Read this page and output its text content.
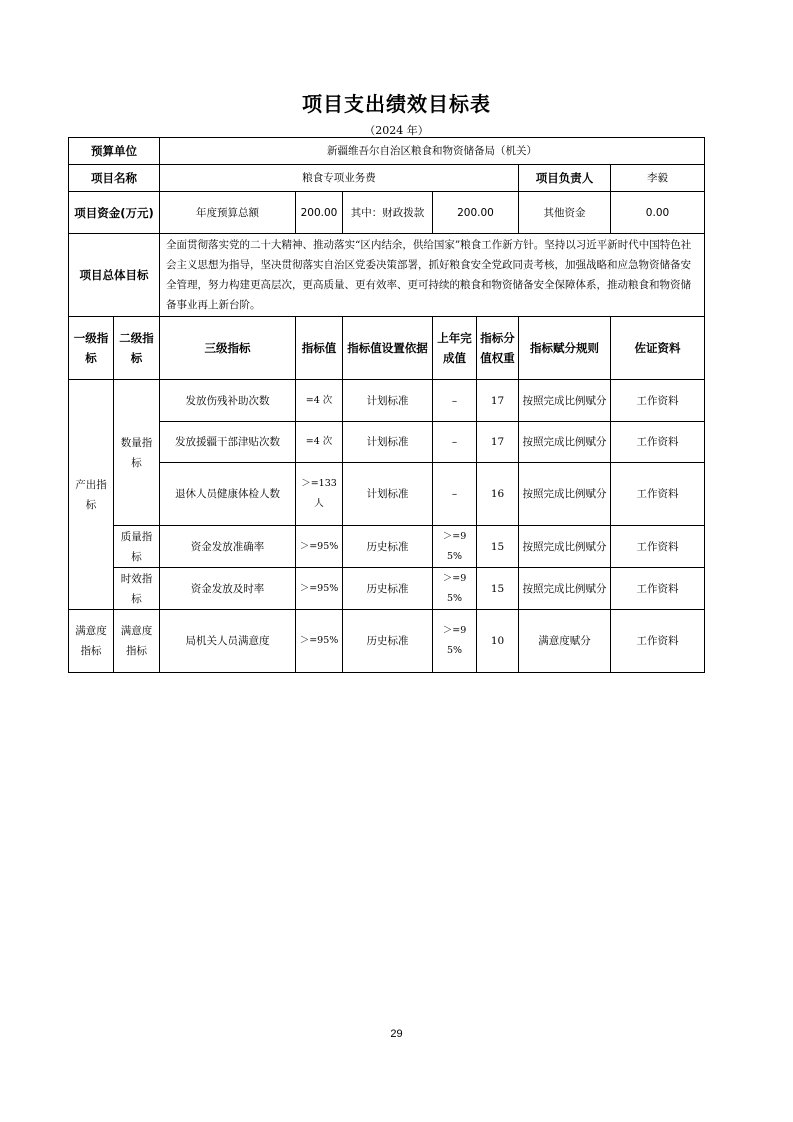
项目支出绩效目标表
（2024 年）
预算单位		新疆维吾尔自治区粮食和物资储备局（机关）						
项目名称		粮食专项业务费					项目负责人	李毅
项目资金(万元)		年度预算总额	200.00	其中：财政拨款	200.00		其他资金	0.00
项目总体目标		全面贯彻落实党的二十大精神、推动落实“区内结余，供给国家”粮食工作新方针。坚持以习近平新时代中国特色社会主义思想为指导，坚决贯彻落实自治区党委决策部署，抓好粮食安全党政同责考核，加强战略和应急物资储备安全管理，努力构建更高层次，更高质量、更有效率、更可持续的粮食和物资储备安全保障体系，推动粮食和物资储备事业再上新台阶。						
一级指标	二级指标	三级指标	指标值	指标值设置依据	上年完成值	指标分值权重	指标赋分规则	佐证资料
产出指标	数量指标	发放伤残补助次数	=4 次	计划标准	–	17	按照完成比例赋分	工作资料
		发放援疆干部津贴次数	=4 次	计划标准	–	17	按照完成比例赋分	工作资料
		退休人员健康体检人数	＞=133人	计划标准	–	16	按照完成比例赋分	工作资料
	质量指标	资金发放准确率	＞=95%	历史标准	＞=95%	15	按照完成比例赋分	工作资料
	时效指标	资金发放及时率	＞=95%	历史标准	＞=95%	15	按照完成比例赋分	工作资料
满意度指标	满意度指标	局机关人员满意度	＞=95%	历史标准	＞=95%	10	满意度赋分	工作资料
29
